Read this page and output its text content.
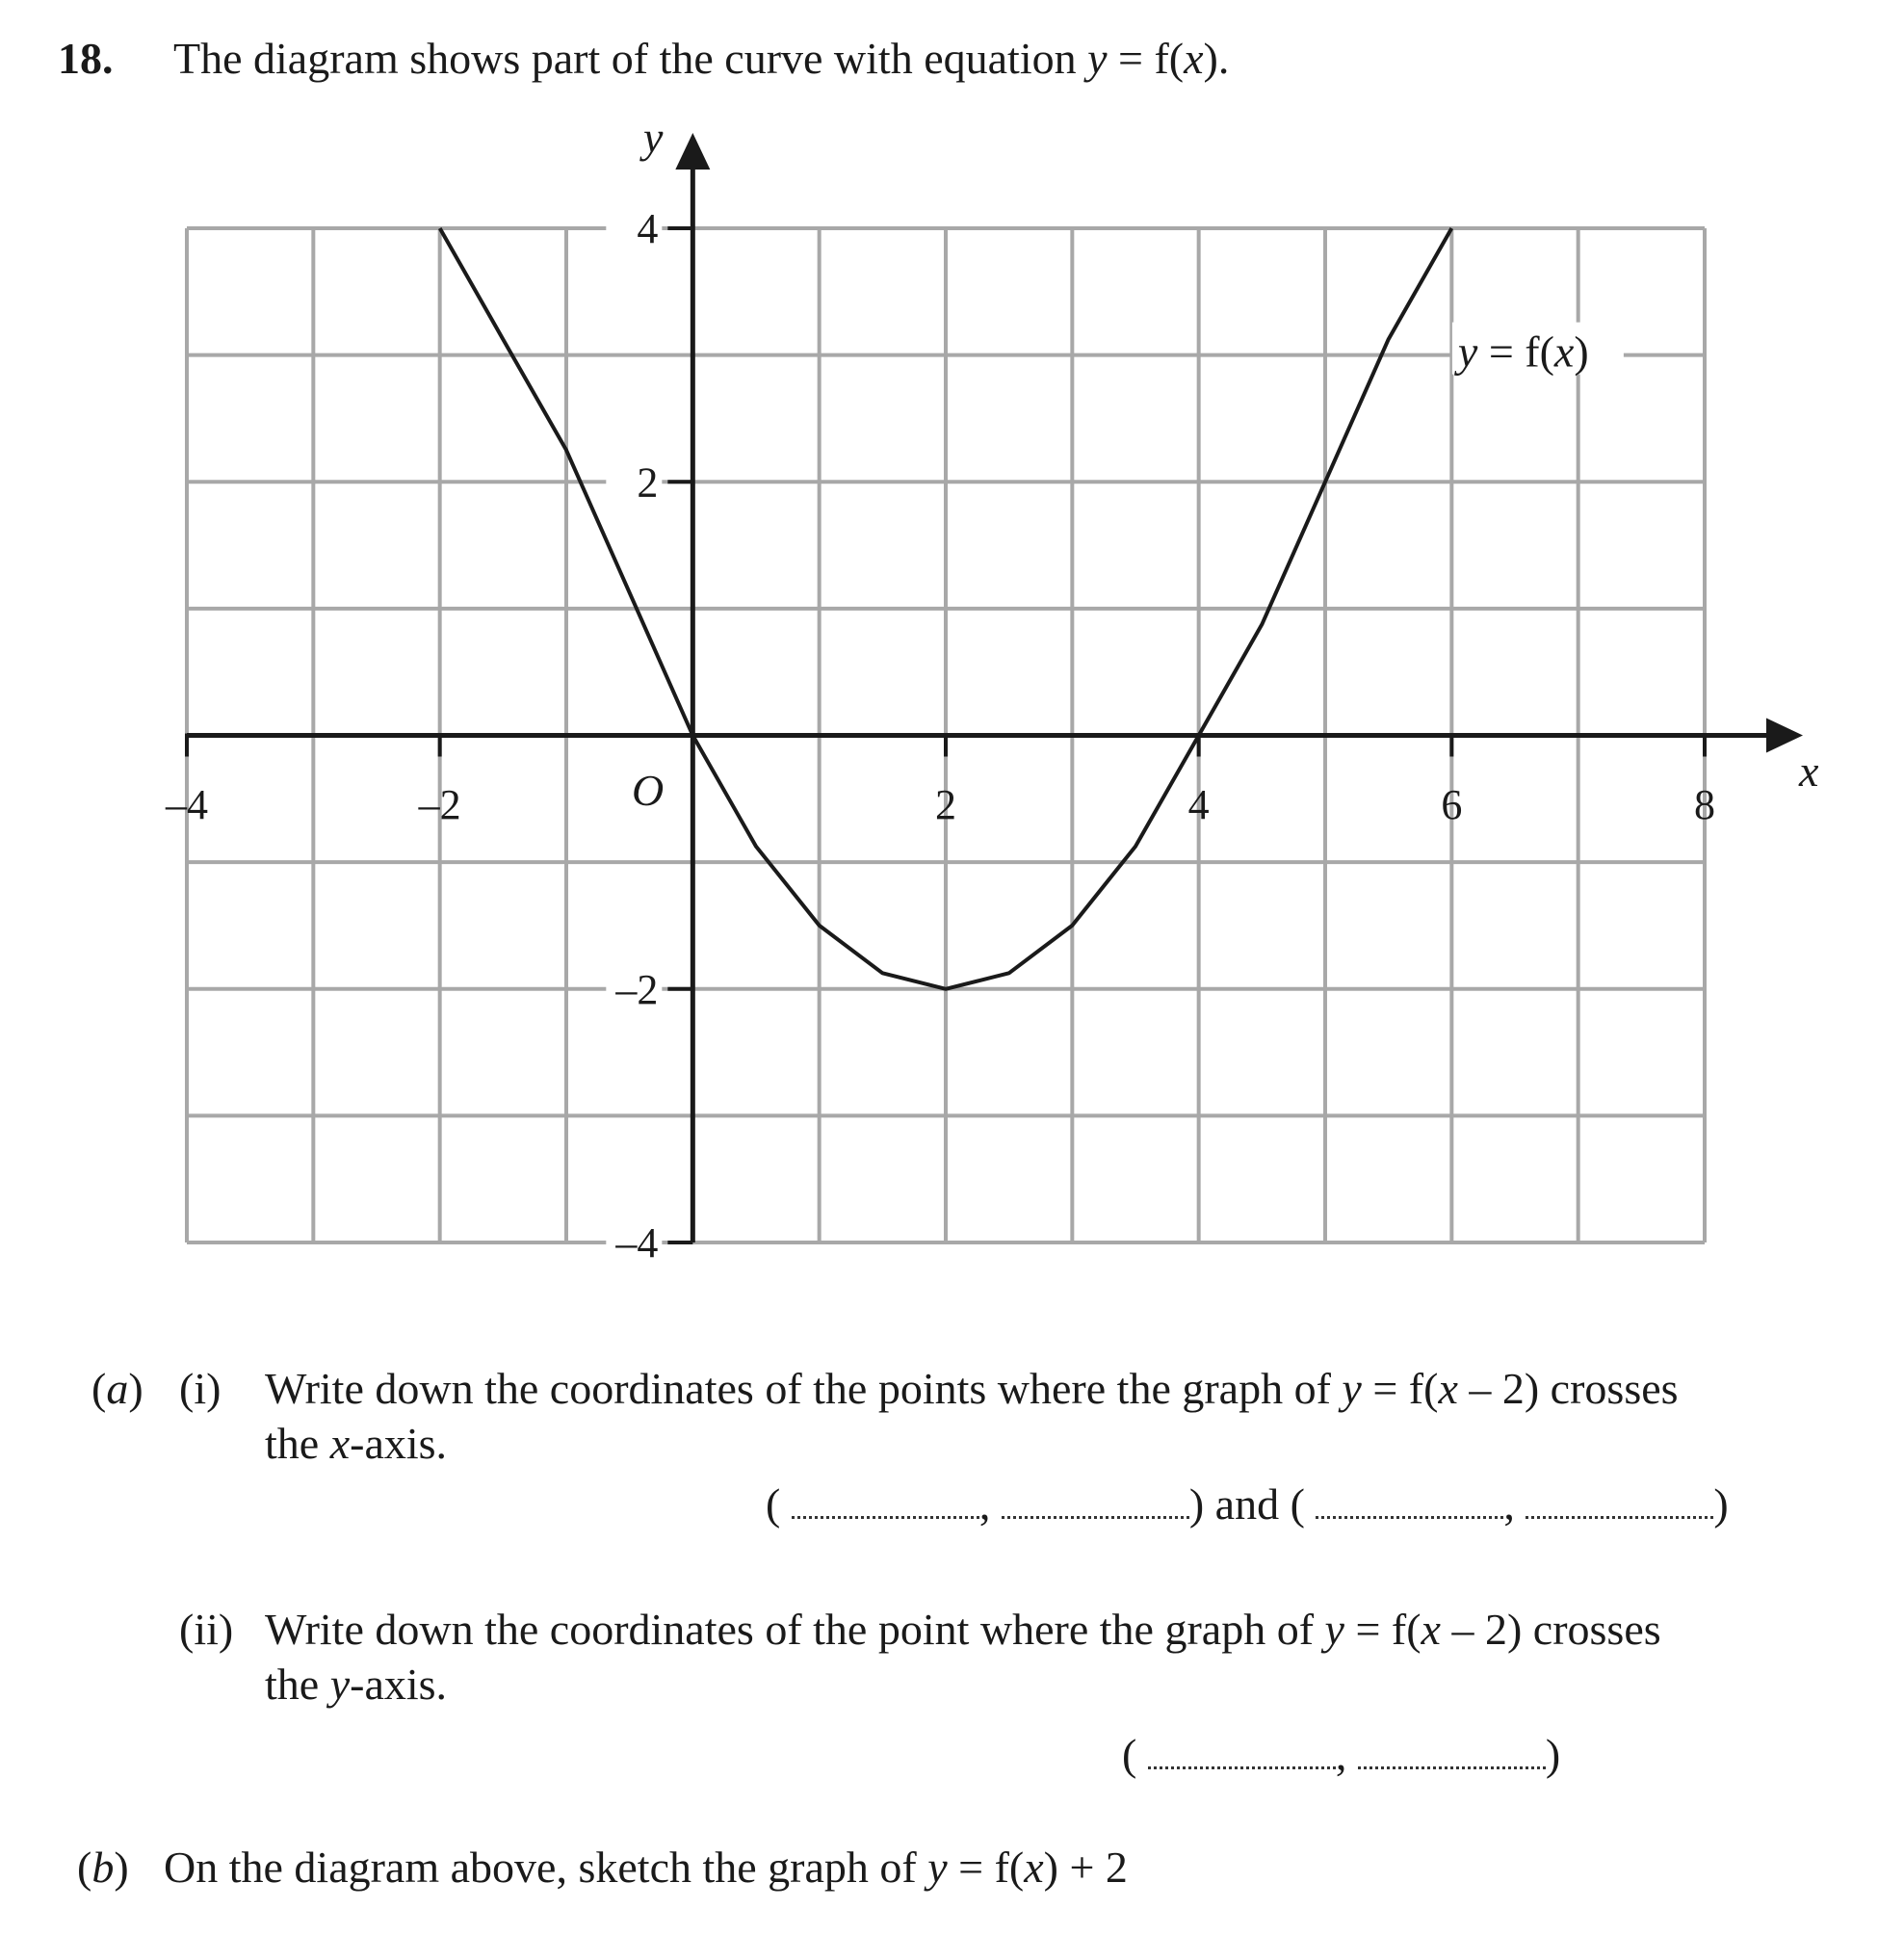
18. The diagram shows part of the curve with equation y = f(x).
x
y
O
–4	–2	2	4	6	8
4
2
–2
–4
y = f(x)
(a) (i) Write down the coordinates of the points where the graph of y = f(x – 2) crosses
the x-axis.
(	,	) and (	,	)
(ii) Write down the coordinates of the point where the graph of y = f(x – 2) crosses
the y-axis.
(	,	)
(b) On the diagram above, sketch the graph of y = f(x) + 2
